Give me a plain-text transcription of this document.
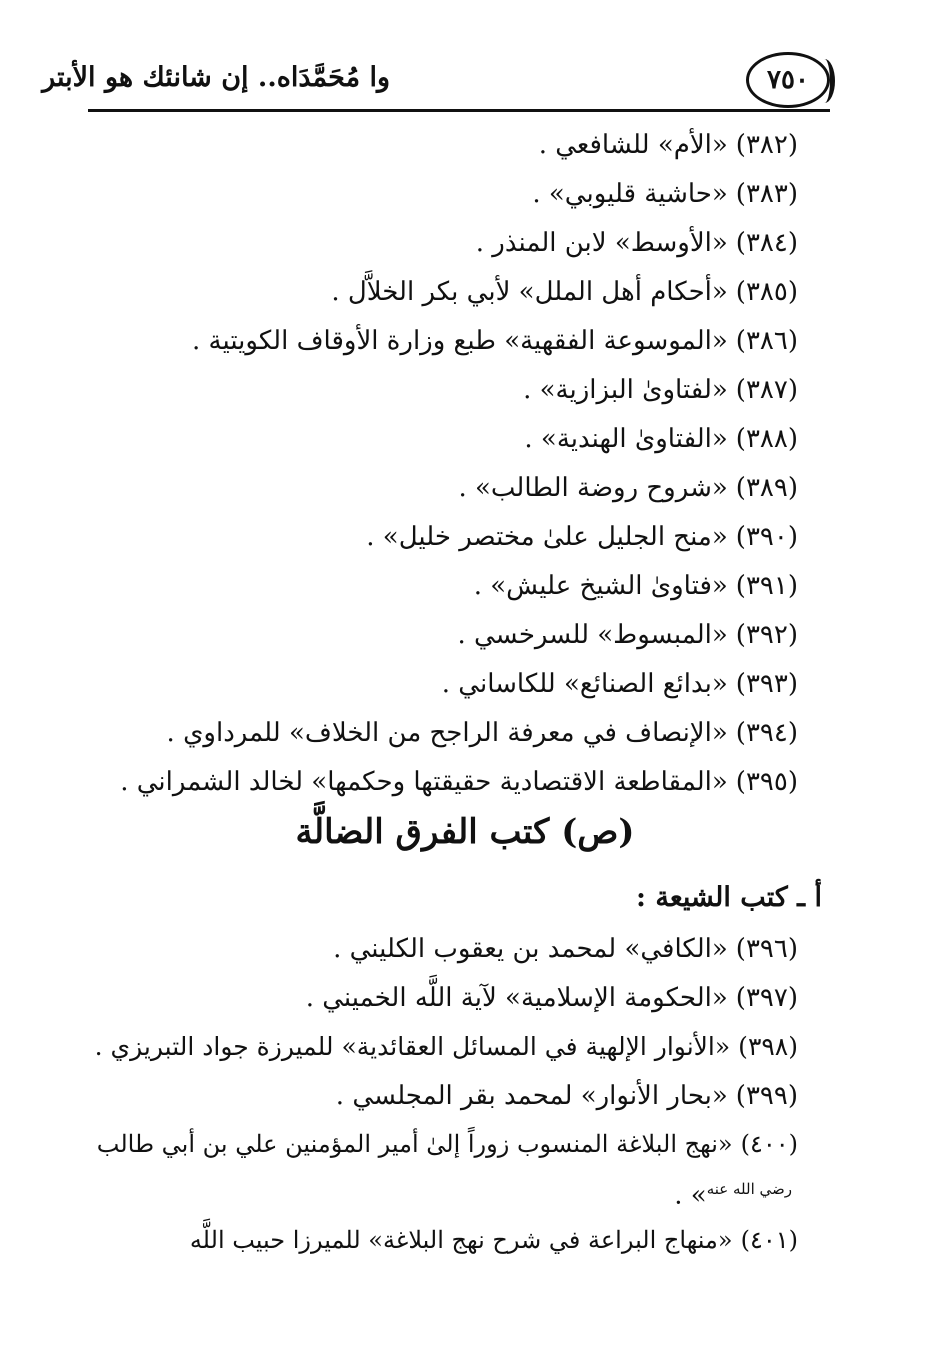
وا مُحَمَّدَاه.. إن شانئك هو الأبتر	٧٥٠
(٣٨٢)«الأم» للشافعي .
(٣٨٣)«حاشية قليوبي» .
(٣٨٤)«الأوسط» لابن المنذر .
(٣٨٥)«أحكام أهل الملل» لأبي بكر الخلاَّل .
(٣٨٦)«الموسوعة الفقهية» طبع وزارة الأوقاف الكويتية .
(٣٨٧)«لفتاوىٰ البزازية» .
(٣٨٨)«الفتاوىٰ الهندية» .
(٣٨٩)«شروح روضة الطالب» .
(٣٩٠)«منح الجليل علىٰ مختصر خليل» .
(٣٩١)«فتاوىٰ الشيخ عليش» .
(٣٩٢)«المبسوط» للسرخسي .
(٣٩٣)«بدائع الصنائع» للكاساني .
(٣٩٤)«الإنصاف في معرفة الراجح من الخلاف» للمرداوي .
(٣٩٥)«المقاطعة الاقتصادية حقيقتها وحكمها» لخالد الشمراني .
(ص) كتب الفرق الضالَّة
أ ـ كتب الشيعة :
(٣٩٦)«الكافي» لمحمد بن يعقوب الكليني .
(٣٩٧)«الحكومة الإسلامية» لآية اللَّه الخميني .
(٣٩٨)«الأنوار الإلهية في المسائل العقائدية» للميرزة جواد التبريزي .
(٣٩٩)«بحار الأنوار» لمحمد بقر المجلسي .
(٤٠٠)«نهج البلاغة المنسوب زوراً إلىٰ أمير المؤمنين علي بن أبي طالب
$^{رضي الله عنه}$» .
(٤٠١)«منهاج البراعة في شرح نهج البلاغة» للميرزا حبيب اللَّه
